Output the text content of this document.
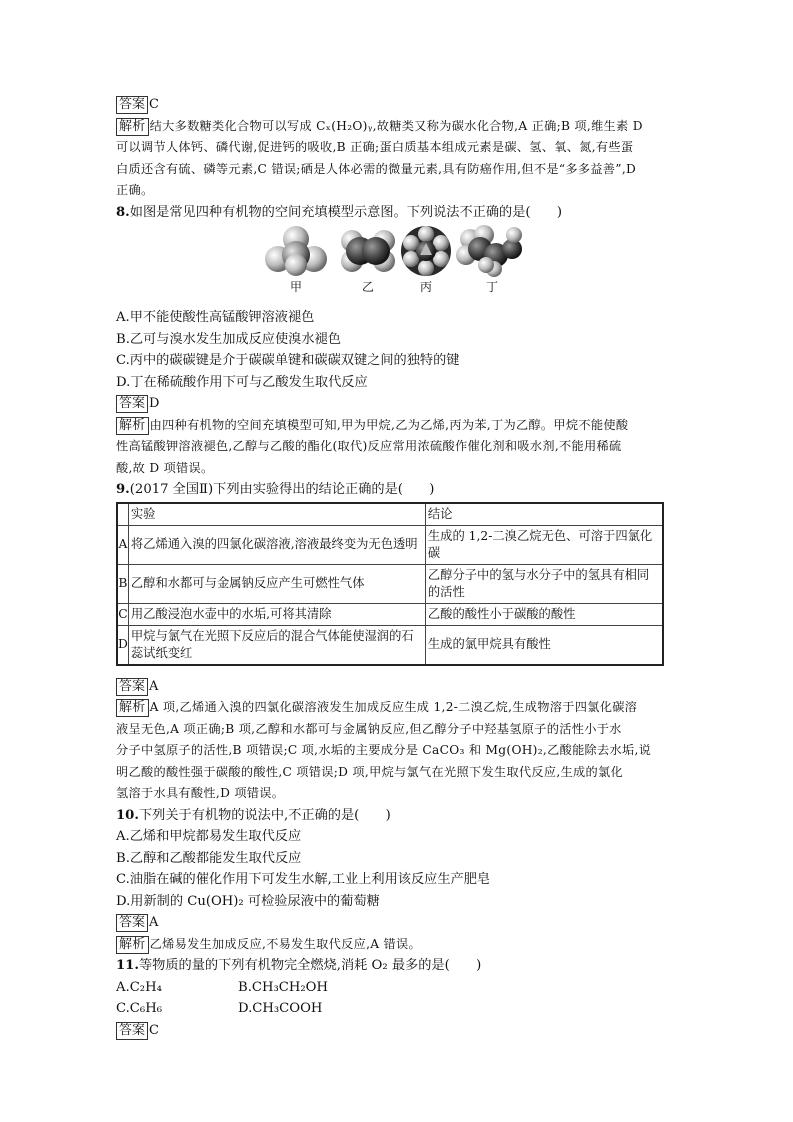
答案 C
解析 结大多数糖类化合物可以写成 Cₓ(H₂O)ᵧ,故糖类又称为碳水化合物,A 正确;B 项,维生素 D
可以调节人体钙、磷代谢,促进钙的吸收,B 正确;蛋白质基本组成元素是碳、氢、氧、氮,有些蛋
白质还含有硫、磷等元素,C 错误;硒是人体必需的微量元素,具有防癌作用,但不是“多多益善”,D
正确。
8.如图是常见四种有机物的空间充填模型示意图。下列说法不正确的是(　　)
甲	乙	丙	丁
A.甲不能使酸性高锰酸钾溶液褪色
B.乙可与溴水发生加成反应使溴水褪色
C.丙中的碳碳键是介于碳碳单键和碳碳双键之间的独特的键
D.丁在稀硫酸作用下可与乙酸发生取代反应
答案 D
解析 由四种有机物的空间充填模型可知,甲为甲烷,乙为乙烯,丙为苯,丁为乙醇。甲烷不能使酸
性高锰酸钾溶液褪色,乙醇与乙酸的酯化(取代)反应常用浓硫酸作催化剂和吸水剂,不能用稀硫
酸,故 D 项错误。
9.(2017 全国Ⅱ)下列由实验得出的结论正确的是(　　)
	实验	结论
A	将乙烯通入溴的四氯化碳溶液,溶液最终变为无色透明	生成的 1,2-二溴乙烷无色、可溶于四氯化碳
B	乙醇和水都可与金属钠反应产生可燃性气体	乙醇分子中的氢与水分子中的氢具有相同的活性
C	用乙酸浸泡水壶中的水垢,可将其清除	乙酸的酸性小于碳酸的酸性
D	甲烷与氯气在光照下反应后的混合气体能使湿润的石蕊试纸变红	生成的氯甲烷具有酸性
答案 A
解析 A 项,乙烯通入溴的四氯化碳溶液发生加成反应生成 1,2-二溴乙烷,生成物溶于四氯化碳溶
液呈无色,A 项正确;B 项,乙醇和水都可与金属钠反应,但乙醇分子中羟基氢原子的活性小于水
分子中氢原子的活性,B 项错误;C 项,水垢的主要成分是 CaCO₃ 和 Mg(OH)₂,乙酸能除去水垢,说
明乙酸的酸性强于碳酸的酸性,C 项错误;D 项,甲烷与氯气在光照下发生取代反应,生成的氯化
氢溶于水具有酸性,D 项错误。
10.下列关于有机物的说法中,不正确的是(　　)
A.乙烯和甲烷都易发生取代反应
B.乙醇和乙酸都能发生取代反应
C.油脂在碱的催化作用下可发生水解,工业上利用该反应生产肥皂
D.用新制的 Cu(OH)₂ 可检验尿液中的葡萄糖
答案 A
解析 乙烯易发生加成反应,不易发生取代反应,A 错误。
11.等物质的量的下列有机物完全燃烧,消耗 O₂ 最多的是(　　)
A.C₂H₄	B.CH₃CH₂OH
C.C₆H₆	D.CH₃COOH
答案 C
